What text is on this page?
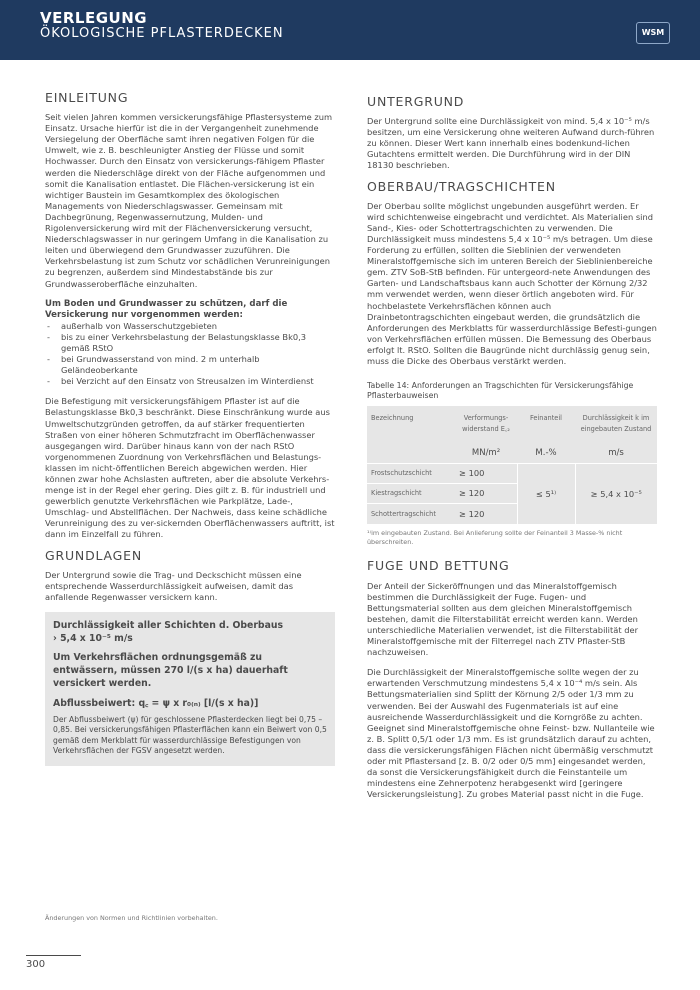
VERLEGUNG
ÖKOLOGISCHE PFLASTERDECKEN	WSM
EINLEITUNG

Seit vielen Jahren kommen versickerungsfähige Pflastersysteme zum Einsatz. Ursache hierfür ist die in der Vergangenheit zunehmende Versiegelung der Oberfläche samt ihren negativen Folgen für die Umwelt, wie z. B. beschleunigter Anstieg der Flüsse und somit Hochwasser. Durch den Einsatz von versickerungs-fähigem Pflaster werden die Niederschläge direkt von der Fläche aufgenommen und somit die Kanalisation entlastet. Die Flächen-versickerung ist ein wichtiger Baustein im Gesamtkomplex des ökologischen Managements von Niederschlagswasser. Gemeinsam mit Dachbegrünung, Regenwassernutzung, Mulden- und Rigolenversickerung wird mit der Flächenversickerung versucht, Niederschlagswasser in nur geringem Umfang in die Kanalisation zu leiten und überwiegend dem Grundwasser zuzuführen. Die Verkehrsbelastung ist zum Schutz vor schädlichen Verunreinigungen zu begrenzen, außerdem sind Mindestabstände bis zur Grundwasseroberfläche einzuhalten.

Um Boden und Grundwasser zu schützen, darf die Versickerung nur vorgenommen werden:

- außerhalb von Wasserschutzgebieten
- bis zu einer Verkehrsbelastung der Belastungsklasse Bk0,3 gemäß RStO
- bei Grundwasserstand von mind. 2 m unterhalb Geländeoberkante
- bei Verzicht auf den Einsatz von Streusalzen im Winterdienst

Die Befestigung mit versickerungsfähigem Pflaster ist auf die Belastungsklasse Bk0,3 beschränkt. Diese Einschränkung wurde aus Umweltschutzgründen getroffen, da auf stärker frequentierten Straßen von einer höheren Schmutzfracht im Oberflächenwasser ausgegangen wird. Darüber hinaus kann von der nach RStO vorgenommenen Zuordnung von Verkehrsflächen und Belastungs-klassen im nicht-öffentlichen Bereich abgewichen werden. Hier können zwar hohe Achslasten auftreten, aber die absolute Verkehrs-menge ist in der Regel eher gering. Dies gilt z. B. für industriell und gewerblich genutzte Verkehrsflächen wie Parkplätze, Lade-, Umschlag- und Abstellflächen. Der Nachweis, dass keine schädliche Verunreinigung des zu ver-sickernden Oberflächenwassers auftritt, ist dann im Einzelfall zu führen.

GRUNDLAGEN

Der Untergrund sowie die Trag- und Deckschicht müssen eine entsprechende Wasserdurchlässigkeit aufweisen, damit das anfallende Regenwasser versickern kann.

Durchlässigkeit aller Schichten d. Oberbaus
› 5,4 x 10⁻⁵ m/s
Um Verkehrsflächen ordnungsgemäß zu entwässern, müssen 270 l/(s x ha) dauerhaft versickert werden.
Abflussbeiwert: q꜀ = ψ x r₀₍ₙ₎ [l/(s x ha)]
Der Abflussbeiwert (ψ) für geschlossene Pflasterdecken liegt bei 0,75 – 0,85. Bei versickerungsfähigen Pflasterflächen kann ein Beiwert von 0,5 gemäß dem Merkblatt für wasserdurchlässige Befestigungen von Verkehrsflächen der FGSV angesetzt werden.
UNTERGRUND

Der Untergrund sollte eine Durchlässigkeit von mind. 5,4 x 10⁻⁵ m/s besitzen, um eine Versickerung ohne weiteren Aufwand durch-führen zu können. Dieser Wert kann innerhalb eines bodenkund-lichen Gutachtens ermittelt werden. Die Durchführung wird in der DIN 18130 beschrieben.

OBERBAU/TRAGSCHICHTEN

Der Oberbau sollte möglichst ungebunden ausgeführt werden. Er wird schichtenweise eingebracht und verdichtet. Als Materialien sind Sand-, Kies- oder Schottertragschichten zu verwenden. Die Durchlässigkeit muss mindestens 5,4 x 10⁻⁵ m/s betragen. Um diese Forderung zu erfüllen, sollten die Sieblinien der verwendeten Mineralstoffgemische sich im unteren Bereich der Sieblinienbereiche gem. ZTV SoB-StB befinden. Für untergeord-nete Anwendungen des Garten- und Landschaftsbaus kann auch Schotter der Körnung 2/32 mm verwendet werden, wenn dieser örtlich angeboten wird. Für hochbelastete Verkehrsflächen können auch Drainbetontragschichten eingebaut werden, die grundsätzlich die Anforderungen des Merkblatts für wasserdurchlässige Befesti-gungen von Verkehrsflächen erfüllen müssen. Die Bemessung des Oberbaus erfolgt lt. RStO. Sollten die Baugründe nicht durchlässig genug sein, muss die Dicke des Oberbaus verstärkt werden.

Tabelle 14: Anforderungen an Tragschichten für Versickerungsfähige Pflasterbauweisen
Bezeichnung	Verformungs-widerstand E꜀₂	Feinanteil	Durchlässigkeit k im eingebauten Zustand
	MN/m²	M.-%	m/s
Frostschutzschicht	≥ 100	≤ 5¹⁾	≥ 5,4 x 10⁻⁵
Kiestragschicht	≥ 120		
Schottertragschicht	≥ 120		
¹⁾im eingebauten Zustand. Bei Anlieferung sollte der Feinanteil 3 Masse-% nicht überschreiten.
FUGE UND BETTUNG

Der Anteil der Sickeröffnungen und das Mineralstoffgemisch bestimmen die Durchlässigkeit der Fuge. Fugen- und Bettungsmaterial sollten aus dem gleichen Mineralstoffgemisch bestehen, damit die Filterstabilität erreicht werden kann. Werden unterschiedliche Materialien verwendet, ist die Filterstabilität der Mineralstoffgemische mit der Filterregel nach ZTV Pflaster-StB nachzuweisen.

Die Durchlässigkeit der Mineralstoffgemische sollte wegen der zu erwartenden Verschmutzung mindestens 5,4 x 10⁻⁴ m/s sein. Als Bettungsmaterialien sind Splitt der Körnung 2/5 oder 1/3 mm zu verwenden. Bei der Auswahl des Fugenmaterials ist auf eine ausreichende Wasserdurchlässigkeit und die Korngröße zu achten. Geeignet sind Mineralstoffgemische ohne Feinst- bzw. Nullanteile wie z. B. Splitt 0,5/1 oder 1/3 mm. Es ist grundsätzlich darauf zu achten, dass die versickerungsfähigen Flächen nicht übermäßig verschmutzt oder mit Pflastersand [z. B. 0/2 oder 0/5 mm] eingesandet werden, da sonst die Versickerungsfähigkeit durch die Feinstanteile um mindestens eine Zehnerpotenz herabgesenkt wird [geringere Versickerungsleistung]. Zu grobes Material passt nicht in die Fuge.

Änderungen von Normen und Richtlinien vorbehalten.
300
